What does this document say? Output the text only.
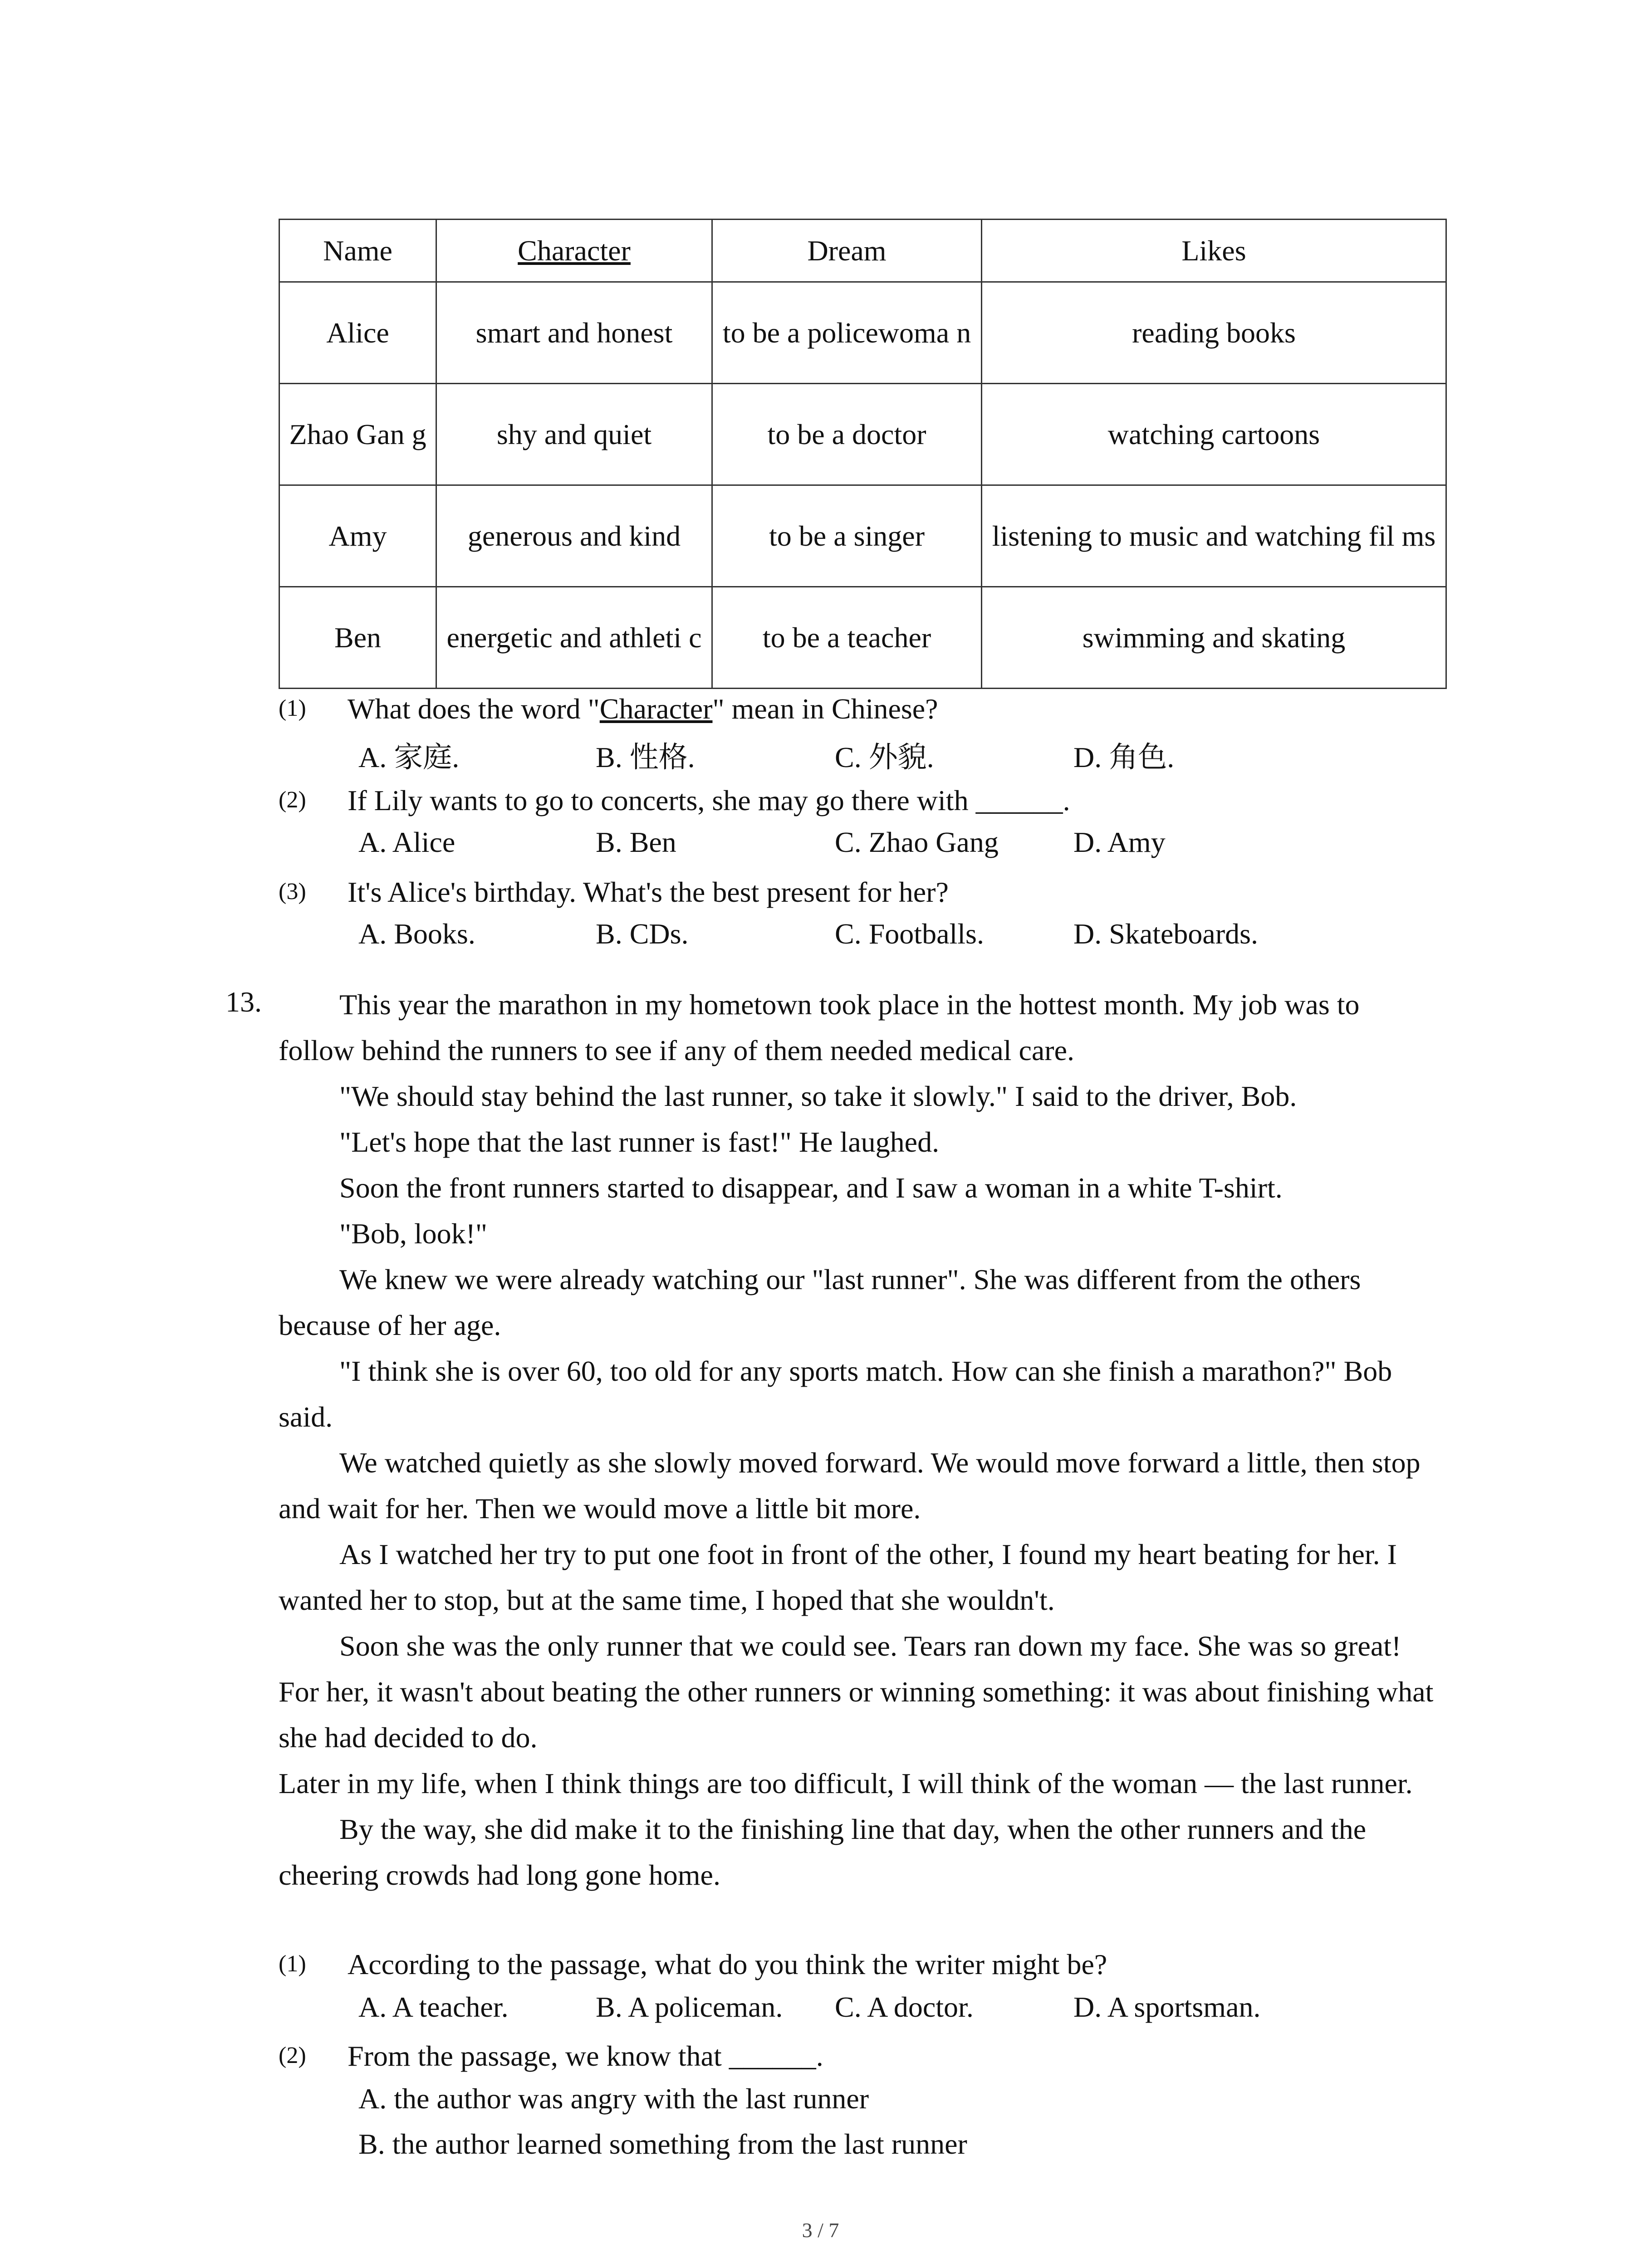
Name	Character	Dream	Likes
Alice	smart and honest	to be a policewoma n	reading books
Zhao Gan g	shy and quiet	to be a doctor	watching cartoons
Amy	generous and kind	to be a singer	listening to music and watching fil ms
Ben	energetic and athleti c	to be a teacher	swimming and skating
(1) What does the word "Character" mean in Chinese?
A. 家庭.	B. 性格.	C. 外貌.	D. 角色.
(2) If Lily wants to go to concerts, she may go there with ______.
A. Alice	B. Ben	C. Zhao Gang	D. Amy
(3) It's Alice's birthday. What's the best present for her?
A. Books.	B. CDs.	C. Footballs.	D. Skateboards.
13.	This year the marathon in my hometown took place in the hottest month. My job was to follow behind the runners to see if any of them needed medical care.

"We should stay behind the last runner, so take it slowly." I said to the driver, Bob.

"Let's hope that the last runner is fast!" He laughed.

Soon the front runners started to disappear, and I saw a woman in a white T-shirt.

"Bob, look!"

We knew we were already watching our "last runner". She was different from the others because of her age.

"I think she is over 60, too old for any sports match. How can she finish a marathon?" Bob said.

We watched quietly as she slowly moved forward. We would move forward a little, then stop and wait for her. Then we would move a little bit more.

As I watched her try to put one foot in front of the other, I found my heart beating for her. I wanted her to stop, but at the same time, I hoped that she wouldn't.

Soon she was the only runner that we could see. Tears ran down my face. She was so great! For her, it wasn't about beating the other runners or winning something: it was about finishing what she had decided to do.

Later in my life, when I think things are too difficult, I will think of the woman — the last runner.

By the way, she did make it to the finishing line that day, when the other runners and the cheering crowds had long gone home.

(1) According to the passage, what do you think the writer might be?
A. A teacher.	B. A policeman. C. A doctor.	D. A sportsman.
(2) From the passage, we know that ______.
A. the author was angry with the last runner
B. the author learned something from the last runner
3 / 7
